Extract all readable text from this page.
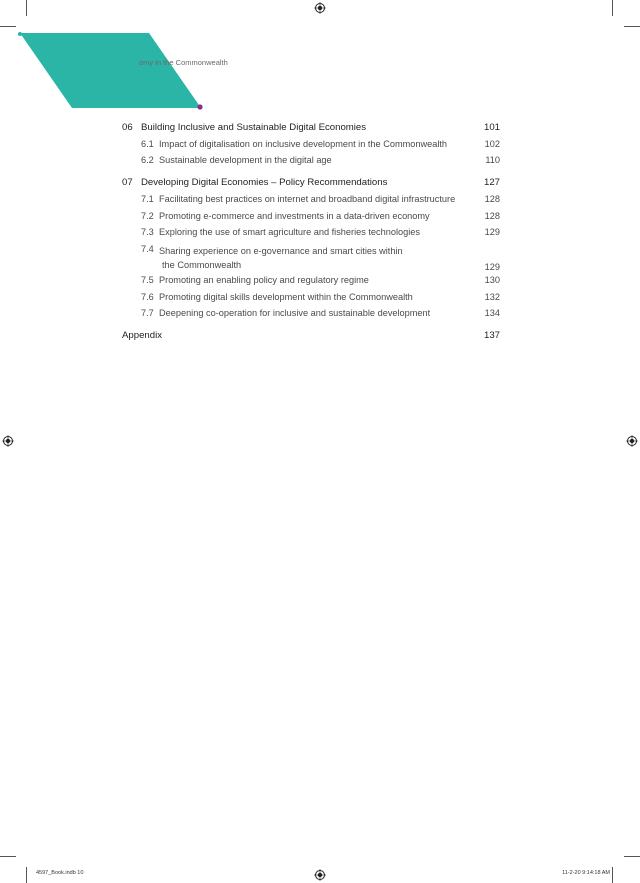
omy in the Commonwealth
06 Building Inclusive and Sustainable Digital Economies	101
6.1 Impact of digitalisation on inclusive development in the Commonwealth	102
6.2 Sustainable development in the digital age	110
07 Developing Digital Economies – Policy Recommendations	127
7.1 Facilitating best practices on internet and broadband digital infrastructure	128
7.2 Promoting e-commerce and investments in a data-driven economy	128
7.3 Exploring the use of smart agriculture and fisheries technologies	129
7.4 Sharing experience on e-governance and smart cities within
the Commonwealth	129
7.5 Promoting an enabling policy and regulatory regime	130
7.6 Promoting digital skills development within the Commonwealth	132
7.7 Deepening co-operation for inclusive and sustainable development	134
Appendix	137
4597_Book.indb 10	11-2-20 9:14:18 AM
